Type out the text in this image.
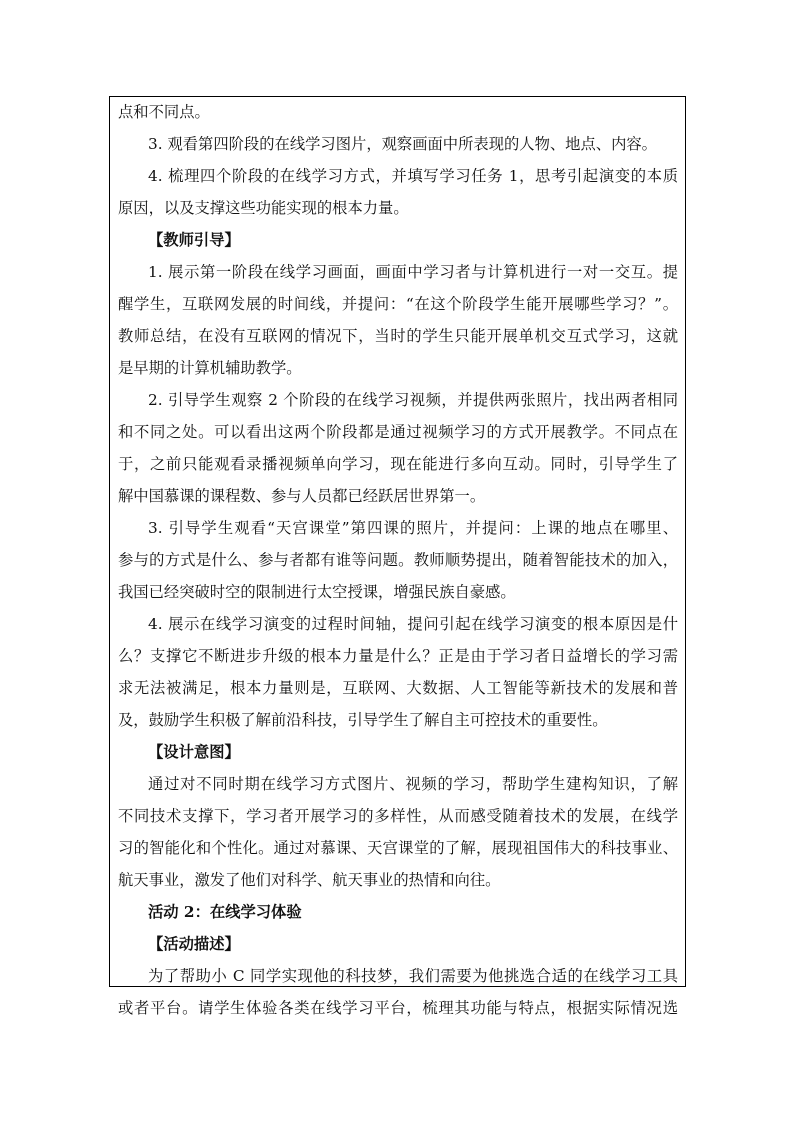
点和不同点。
3. 观看第四阶段的在线学习图片，观察画面中所表现的人物、地点、内容。
4. 梳理四个阶段的在线学习方式，并填写学习任务 1，思考引起演变的本质
原因，以及支撑这些功能实现的根本力量。
【教师引导】
1. 展示第一阶段在线学习画面，画面中学习者与计算机进行一对一交互。提
醒学生，互联网发展的时间线，并提问：“在这个阶段学生能开展哪些学习？”。
教师总结，在没有互联网的情况下，当时的学生只能开展单机交互式学习，这就
是早期的计算机辅助教学。
2. 引导学生观察 2 个阶段的在线学习视频，并提供两张照片，找出两者相同
和不同之处。可以看出这两个阶段都是通过视频学习的方式开展教学。不同点在
于，之前只能观看录播视频单向学习，现在能进行多向互动。同时，引导学生了
解中国慕课的课程数、参与人员都已经跃居世界第一。
3. 引导学生观看“天宫课堂”第四课的照片，并提问：上课的地点在哪里、
参与的方式是什么、参与者都有谁等问题。教师顺势提出，随着智能技术的加入，
我国已经突破时空的限制进行太空授课，增强民族自豪感。
4. 展示在线学习演变的过程时间轴，提问引起在线学习演变的根本原因是什
么？支撑它不断进步升级的根本力量是什么？正是由于学习者日益增长的学习需
求无法被满足，根本力量则是，互联网、大数据、人工智能等新技术的发展和普
及，鼓励学生积极了解前沿科技，引导学生了解自主可控技术的重要性。
【设计意图】
通过对不同时期在线学习方式图片、视频的学习，帮助学生建构知识，了解
不同技术支撑下，学习者开展学习的多样性，从而感受随着技术的发展，在线学
习的智能化和个性化。通过对慕课、天宫课堂的了解，展现祖国伟大的科技事业、
航天事业，激发了他们对科学、航天事业的热情和向往。
活动 2：在线学习体验
【活动描述】
为了帮助小 C 同学实现他的科技梦，我们需要为他挑选合适的在线学习工具
或者平台。请学生体验各类在线学习平台，梳理其功能与特点，根据实际情况选
